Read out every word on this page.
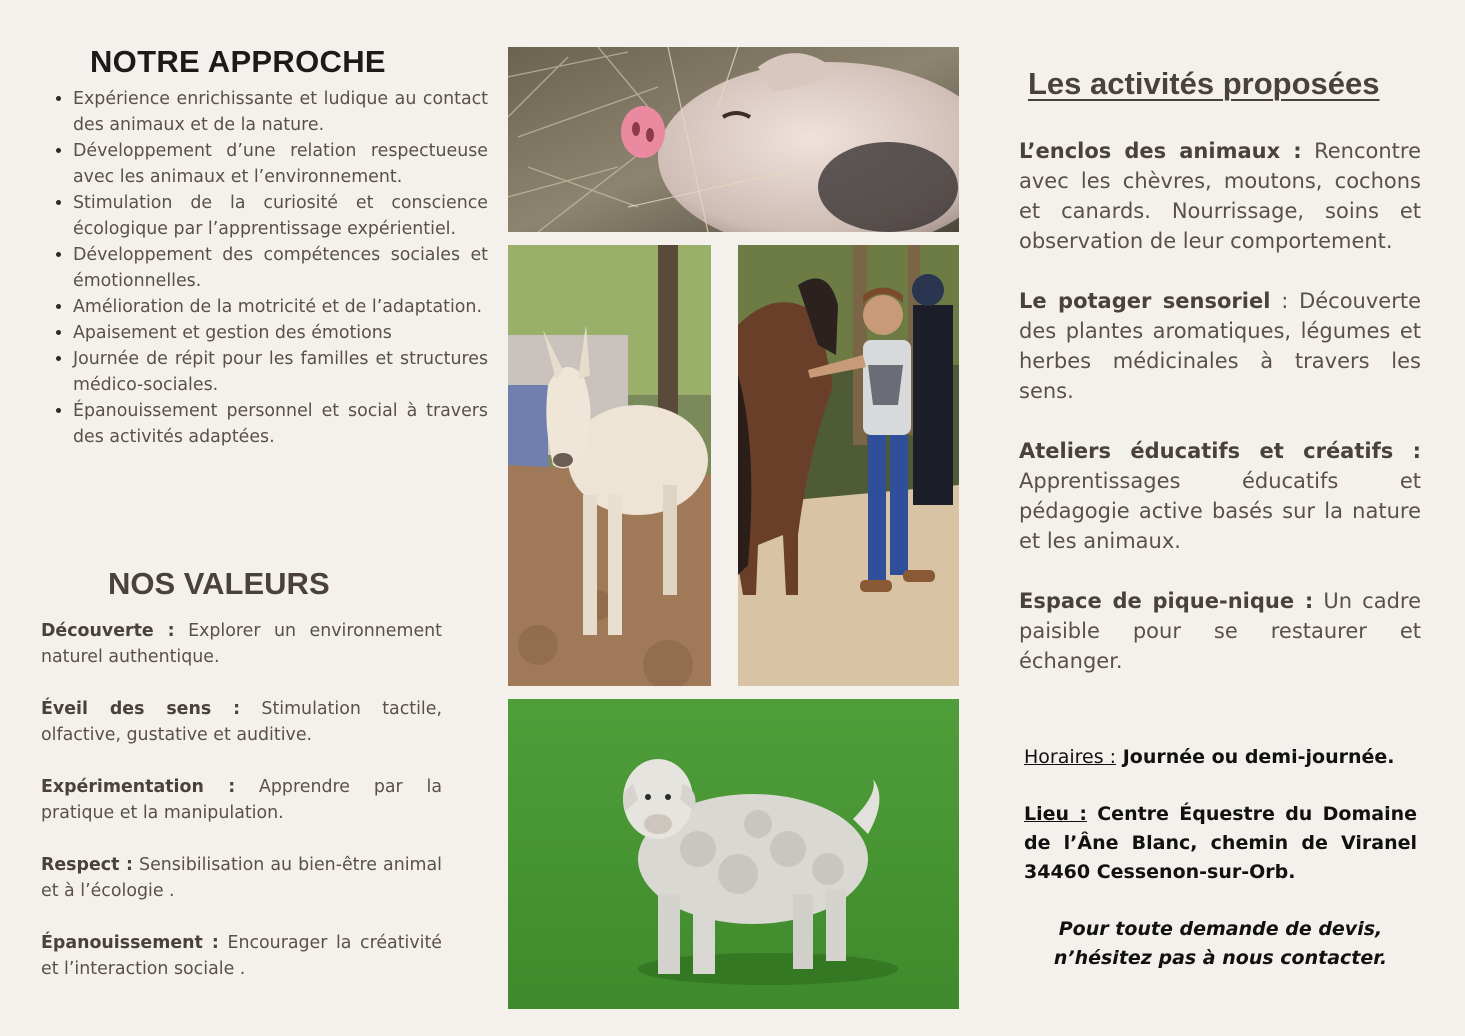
NOTRE APPROCHE
• Expérience enrichissante et ludique au contact des animaux et de la nature.
• Développement d’une relation respectueuse avec les animaux et l’environnement.
• Stimulation de la curiosité et conscience écologique par l’apprentissage expérientiel.
• Développement des compétences sociales et émotionnelles.
• Amélioration de la motricité et de l’adaptation.
• Apaisement et gestion des émotions
• Journée de répit pour les familles et structures médico-sociales.
• Épanouissement personnel et social à travers des activités adaptées.
NOS VALEURS
Découverte : Explorer un environnement naturel authentique.
Éveil des sens : Stimulation tactile, olfactive, gustative et auditive.
Expérimentation : Apprendre par la pratique et la manipulation.
Respect : Sensibilisation au bien-être animal et à l’écologie .
Épanouissement : Encourager la créativité et l’interaction sociale .
Les activités proposées
L’enclos des animaux : Rencontre avec les chèvres, moutons, cochons et canards. Nourrissage, soins et observation de leur comportement.
Le potager sensoriel : Découverte des plantes aromatiques, légumes et herbes médicinales à travers les sens.
Ateliers éducatifs et créatifs : Apprentissages éducatifs et pédagogie active basés sur la nature et les animaux.
Espace de pique-nique : Un cadre paisible pour se restaurer et échanger.

Horaires : Journée ou demi-journée.

Lieu : Centre Équestre du Domaine de l’Âne Blanc, chemin de Viranel 34460 Cessenon-sur-Orb.

Pour toute demande de devis, n’hésitez pas à nous contacter.
